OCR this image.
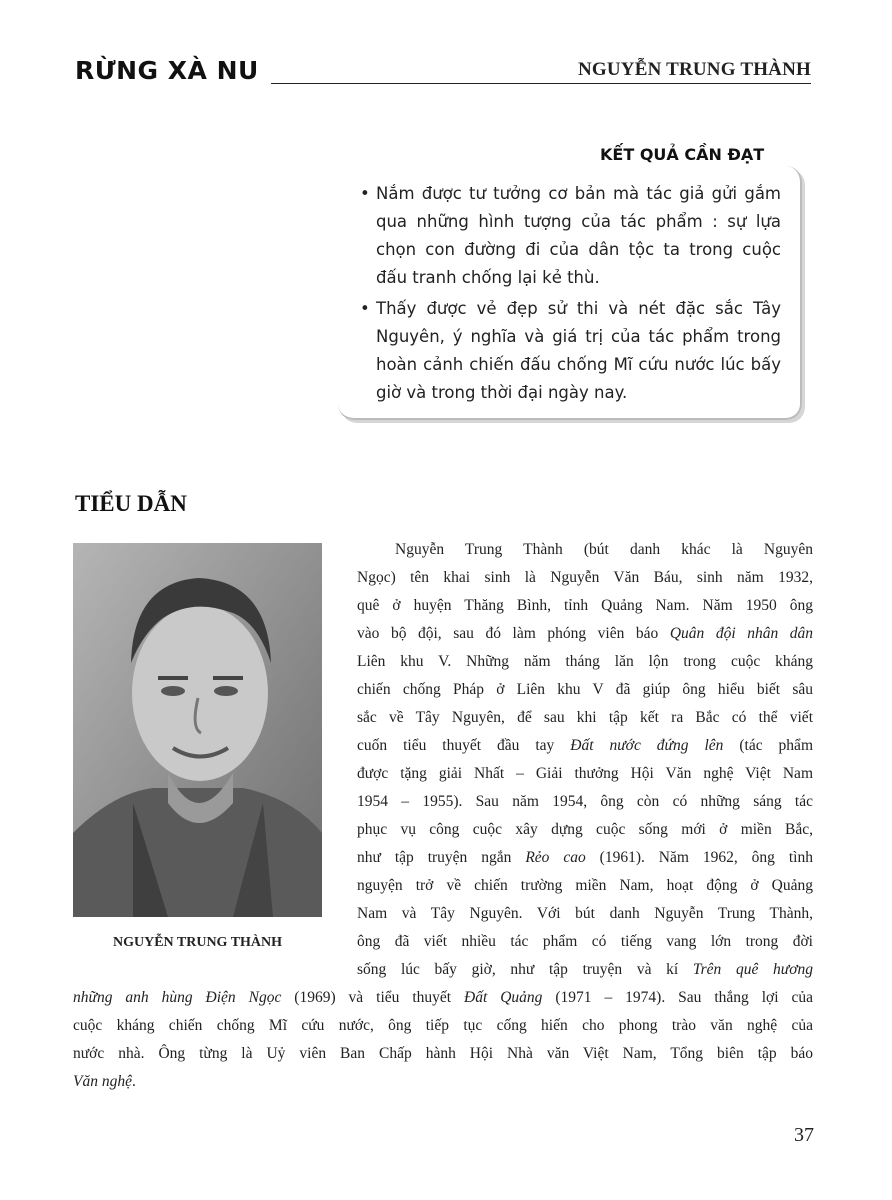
RỪNG XÀ NU	NGUYỄN TRUNG THÀNH
KẾT QUẢ CẦN ĐẠT
• Nắm được tư tưởng cơ bản mà tác giả gửi gắm qua những hình tượng của tác phẩm : sự lựa chọn con đường đi của dân tộc ta trong cuộc đấu tranh chống lại kẻ thù.
• Thấy được vẻ đẹp sử thi và nét đặc sắc Tây Nguyên, ý nghĩa và giá trị của tác phẩm trong hoàn cảnh chiến đấu chống Mĩ cứu nước lúc bấy giờ và trong thời đại ngày nay.
TIỂU DẪN
NGUYỄN TRUNG THÀNH
Nguyễn Trung Thành (bút danh khác là Nguyên
Ngọc) tên khai sinh là Nguyễn Văn Báu, sinh năm 1932,
quê ở huyện Thăng Bình, tỉnh Quảng Nam. Năm 1950 ông
vào bộ đội, sau đó làm phóng viên báo Quân đội nhân dân
Liên khu V. Những năm tháng lăn lộn trong cuộc kháng
chiến chống Pháp ở Liên khu V đã giúp ông hiểu biết sâu
sắc về Tây Nguyên, để sau khi tập kết ra Bắc có thể viết
cuốn tiểu thuyết đầu tay Đất nước đứng lên (tác phẩm
được tặng giải Nhất – Giải thưởng Hội Văn nghệ Việt Nam
1954 – 1955). Sau năm 1954, ông còn có những sáng tác
phục vụ công cuộc xây dựng cuộc sống mới ở miền Bắc,
như tập truyện ngắn Rẻo cao (1961). Năm 1962, ông tình
nguyện trở về chiến trường miền Nam, hoạt động ở Quảng
Nam và Tây Nguyên. Với bút danh Nguyễn Trung Thành,
ông đã viết nhiều tác phẩm có tiếng vang lớn trong đời
sống lúc bấy giờ, như tập truyện và kí Trên quê hương
những anh hùng Điện Ngọc (1969) và tiểu thuyết Đất Quảng (1971 – 1974). Sau thắng lợi của
cuộc kháng chiến chống Mĩ cứu nước, ông tiếp tục cống hiến cho phong trào văn nghệ của
nước nhà. Ông từng là Uỷ viên Ban Chấp hành Hội Nhà văn Việt Nam, Tổng biên tập báo
Văn nghệ.
37
